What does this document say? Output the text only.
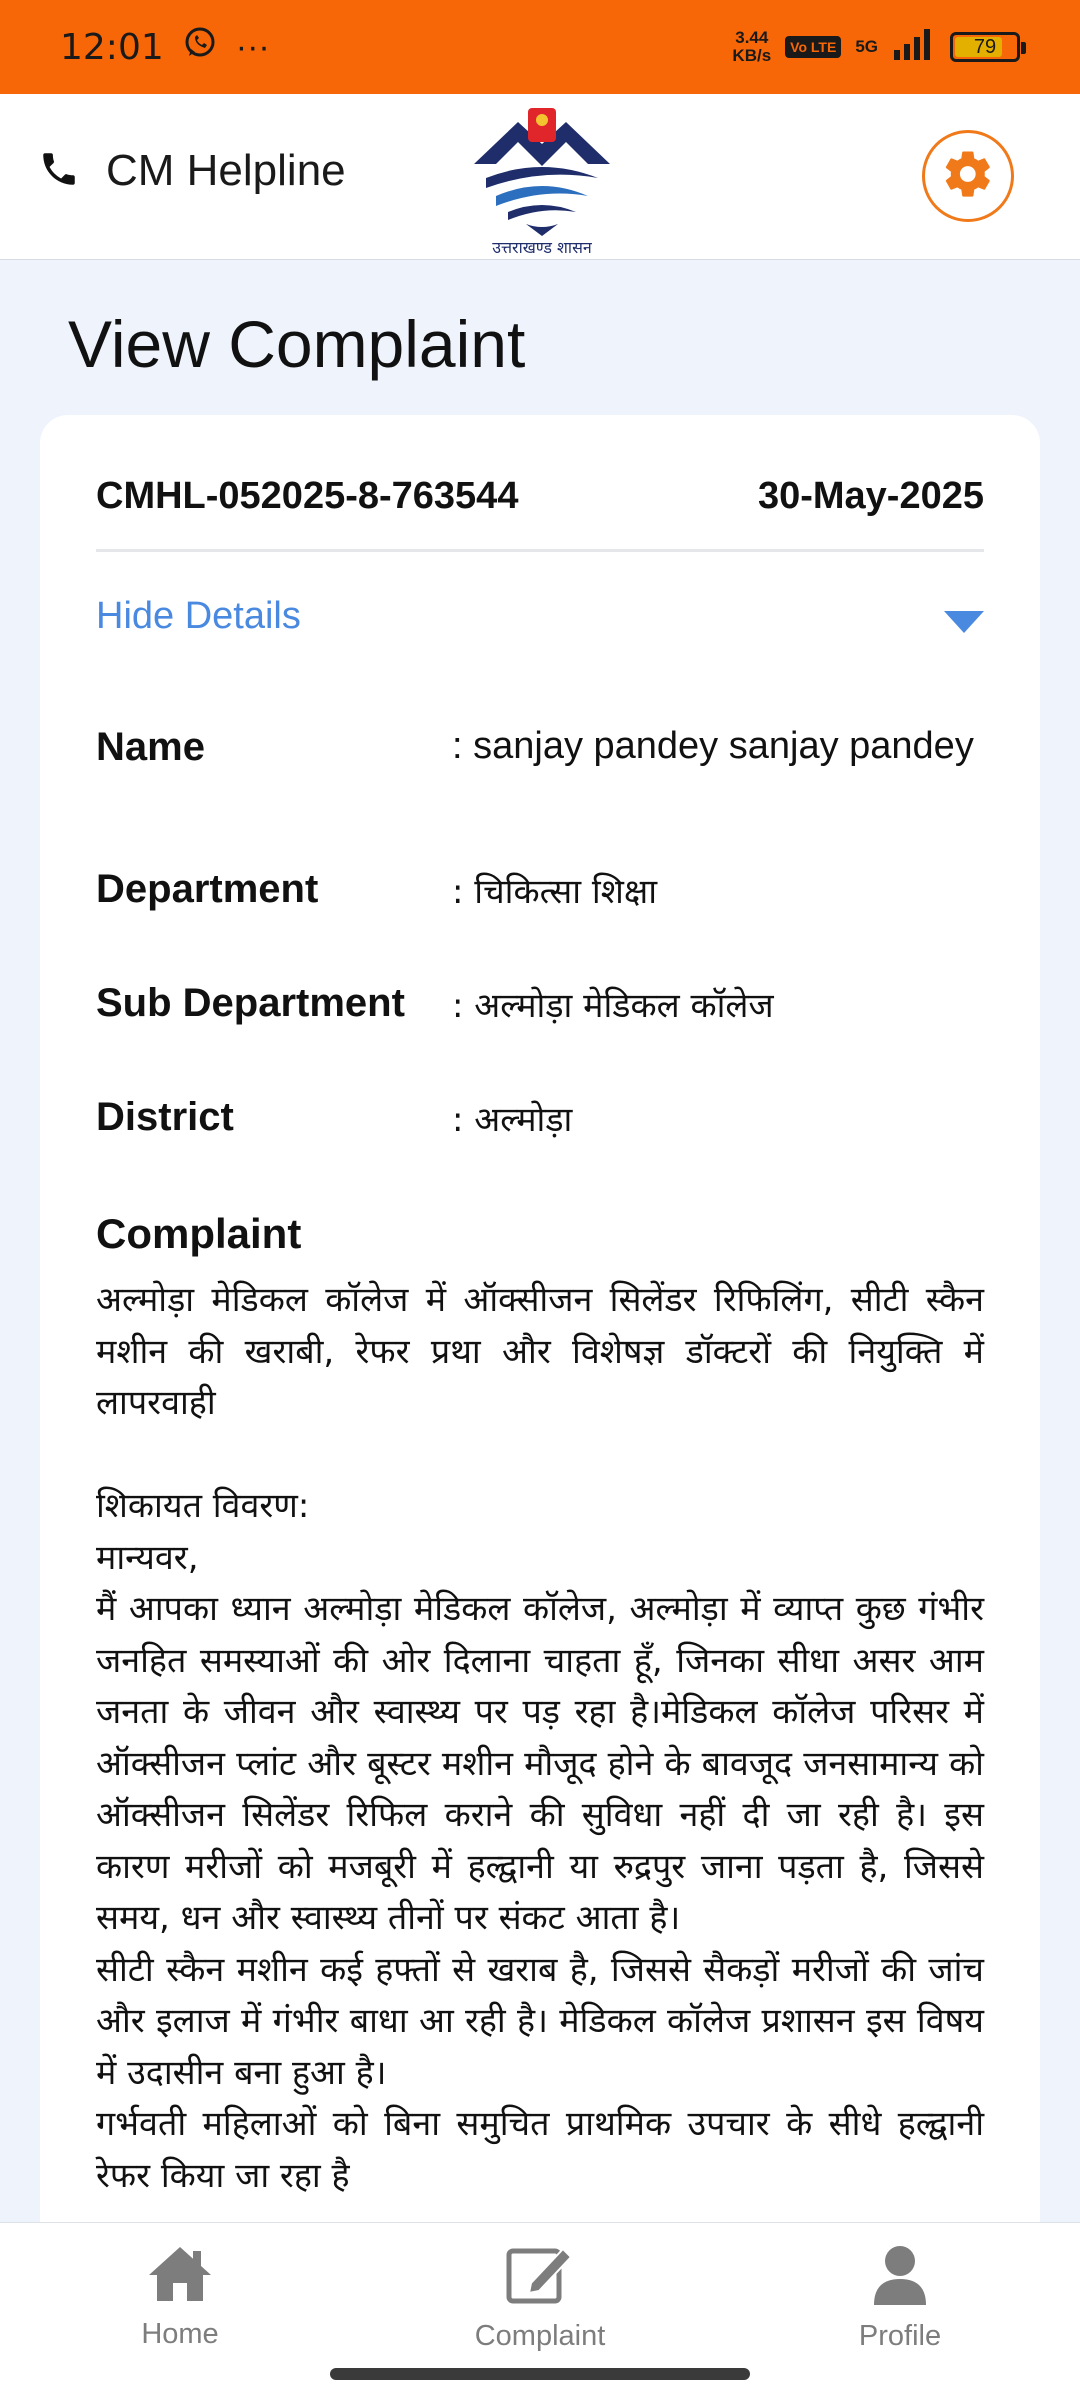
12:01 ···	3.44
KB/s	Vo LTE 5G	79
CM Helpline
उत्तराखण्ड शासन
View Complaint
CMHL-052025-8-763544	30-May-2025
Hide Details
Name	: sanjay pandey sanjay pandey
Department	: चिकित्सा शिक्षा
Sub Department	: अल्मोड़ा मेडिकल कॉलेज
District	: अल्मोड़ा
Complaint
अल्मोड़ा मेडिकल कॉलेज में ऑक्सीजन सिलेंडर रिफिलिंग, सीटी स्कैन मशीन की खराबी, रेफर प्रथा और विशेषज्ञ डॉक्टरों की नियुक्ति में लापरवाही

शिकायत विवरण:
मान्यवर,
मैं आपका ध्यान अल्मोड़ा मेडिकल कॉलेज, अल्मोड़ा में व्याप्त कुछ गंभीर जनहित समस्याओं की ओर दिलाना चाहता हूँ, जिनका सीधा असर आम जनता के जीवन और स्वास्थ्य पर पड़ रहा है।मेडिकल कॉलेज परिसर में ऑक्सीजन प्लांट और बूस्टर मशीन मौजूद होने के बावजूद जनसामान्य को ऑक्सीजन सिलेंडर रिफिल कराने की सुविधा नहीं दी जा रही है। इस कारण मरीजों को मजबूरी में हल्द्वानी या रुद्रपुर जाना पड़ता है, जिससे समय, धन और स्वास्थ्य तीनों पर संकट आता है।
सीटी स्कैन मशीन कई हफ्तों से खराब है, जिससे सैकड़ों मरीजों की जांच और इलाज में गंभीर बाधा आ रही है। मेडिकल कॉलेज प्रशासन इस विषय में उदासीन बना हुआ है।
गर्भवती महिलाओं को बिना समुचित प्राथमिक उपचार के सीधे हल्द्वानी रेफर किया जा रहा है
Home	Complaint	Profile
